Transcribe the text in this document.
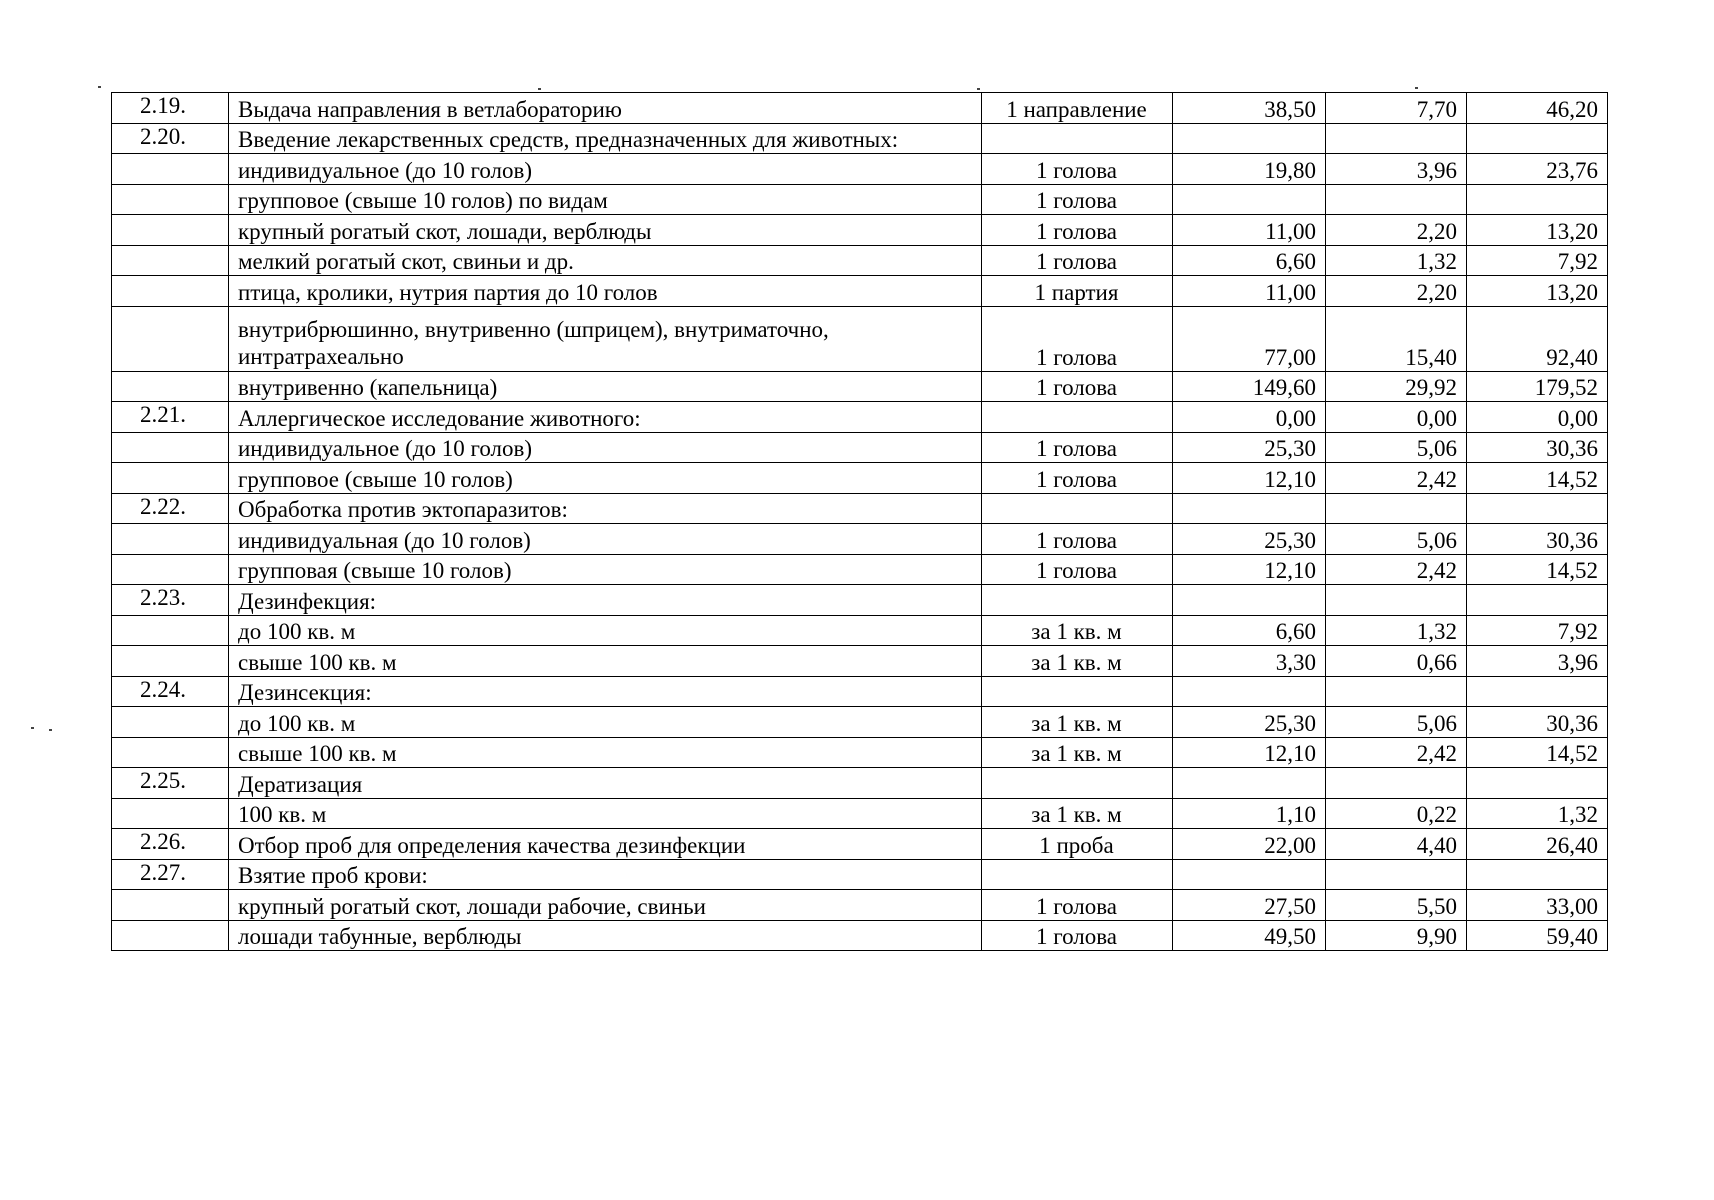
2.19.	Выдача направления в ветлабораторию	1 направление	38,50	7,70	46,20
2.20.	Введение лекарственных средств, предназначенных для животных:				
	индивидуальное (до 10 голов)	1 голова	19,80	3,96	23,76
	групповое (свыше 10 голов) по видам	1 голова			
	крупный рогатый скот, лошади, верблюды	1 голова	11,00	2,20	13,20
	мелкий рогатый скот, свиньи и др.	1 голова	6,60	1,32	7,92
	птица, кролики, нутрия партия до 10 голов	1 партия	11,00	2,20	13,20
	внутрибрюшинно, внутривенно (шприцем), внутриматочно, интратрахеально	1 голова	77,00	15,40	92,40
	внутривенно (капельница)	1 голова	149,60	29,92	179,52
2.21.	Аллергическое исследование животного:		0,00	0,00	0,00
	индивидуальное (до 10 голов)	1 голова	25,30	5,06	30,36
	групповое (свыше 10 голов)	1 голова	12,10	2,42	14,52
2.22.	Обработка против эктопаразитов:				
	индивидуальная (до 10 голов)	1 голова	25,30	5,06	30,36
	групповая (свыше 10 голов)	1 голова	12,10	2,42	14,52
2.23.	Дезинфекция:				
	до 100 кв. м	за 1 кв. м	6,60	1,32	7,92
	свыше 100 кв. м	за 1 кв. м	3,30	0,66	3,96
2.24.	Дезинсекция:				
	до 100 кв. м	за 1 кв. м	25,30	5,06	30,36
	свыше 100 кв. м	за 1 кв. м	12,10	2,42	14,52
2.25.	Дератизация				
	100 кв. м	за 1 кв. м	1,10	0,22	1,32
2.26.	Отбор проб для определения качества дезинфекции	1 проба	22,00	4,40	26,40
2.27.	Взятие проб крови:				
	крупный рогатый скот, лошади рабочие, свиньи	1 голова	27,50	5,50	33,00
	лошади табунные, верблюды	1 голова	49,50	9,90	59,40
